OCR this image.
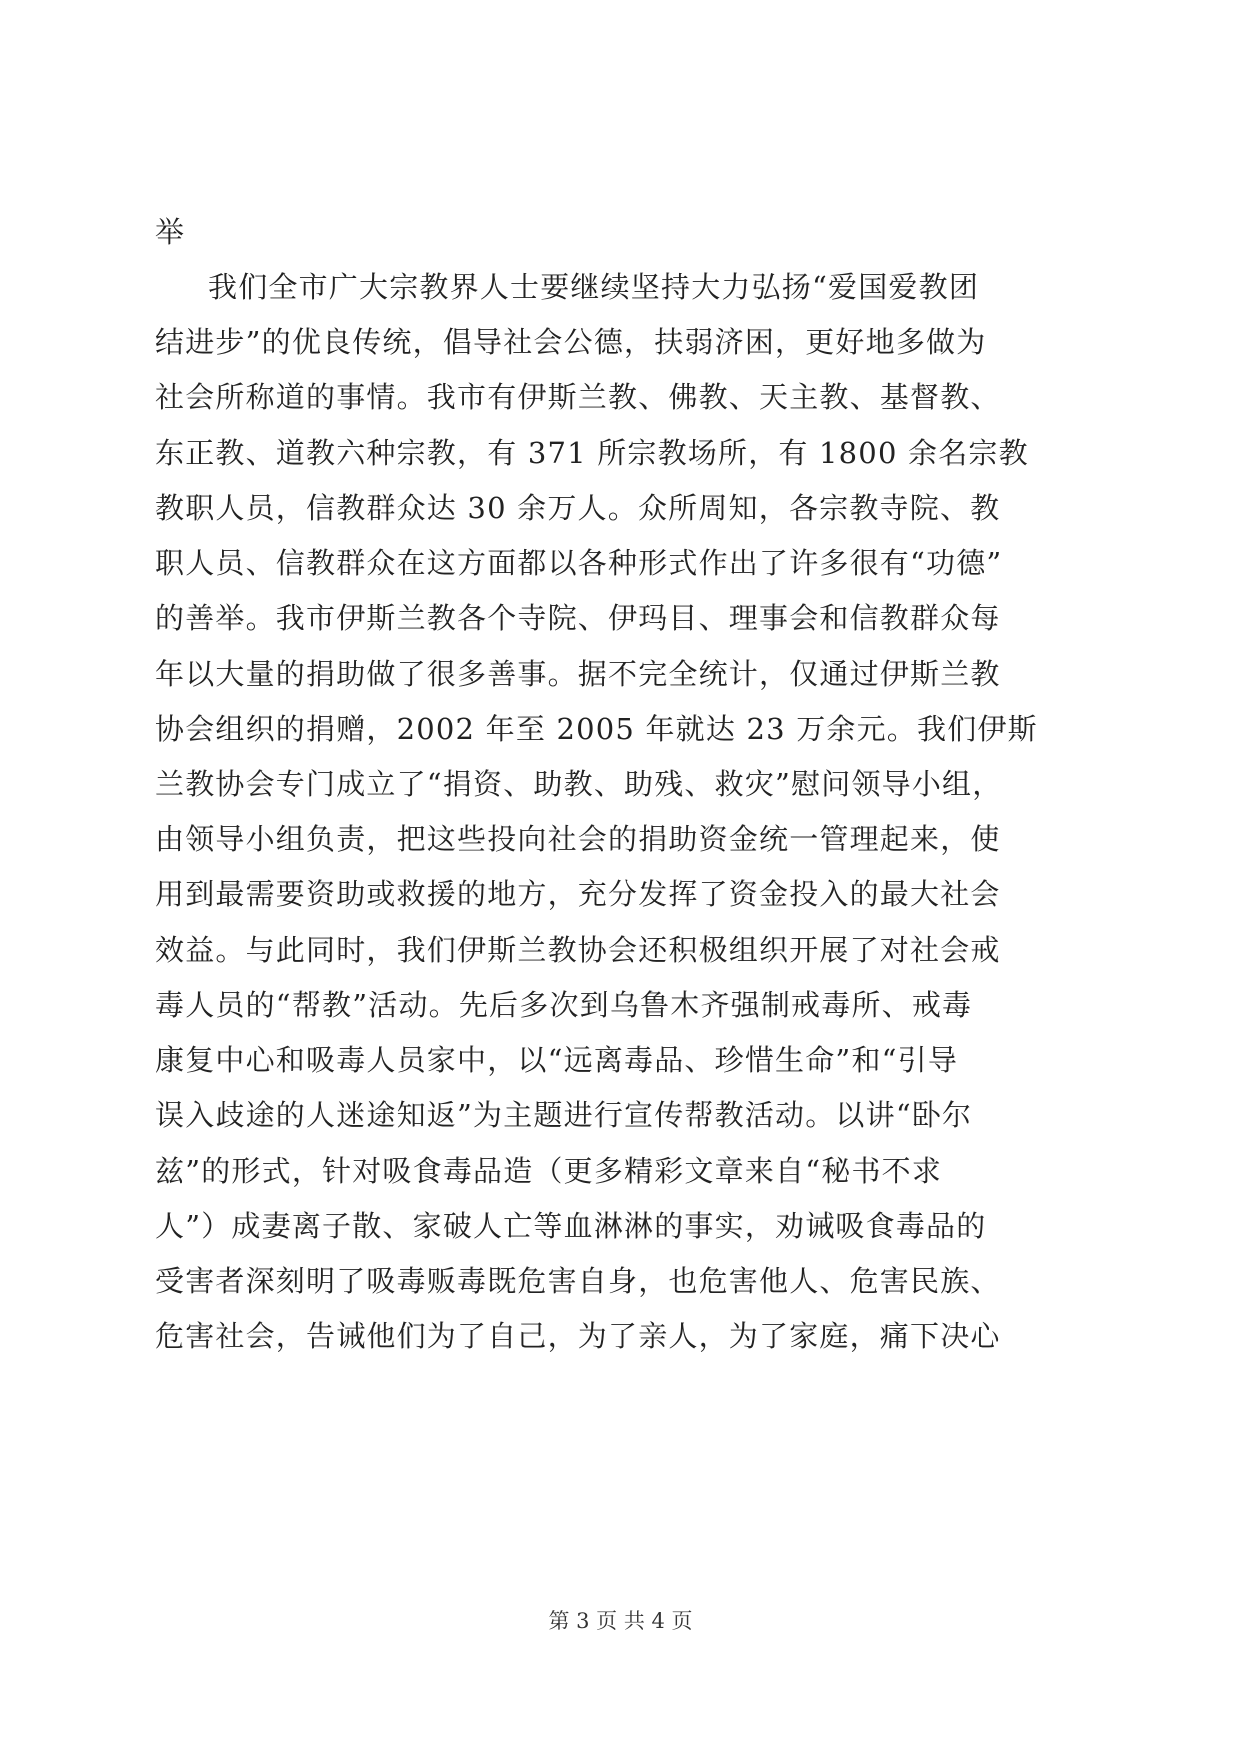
举
我们全市广大宗教界人士要继续坚持大力弘扬“爱国爱教团
结进步”的优良传统，倡导社会公德，扶弱济困，更好地多做为
社会所称道的事情。我市有伊斯兰教、佛教、天主教、基督教、
东正教、道教六种宗教，有 371 所宗教场所，有 1800 余名宗教
教职人员，信教群众达 30 余万人。众所周知，各宗教寺院、教
职人员、信教群众在这方面都以各种形式作出了许多很有“功德”
的善举。我市伊斯兰教各个寺院、伊玛目、理事会和信教群众每
年以大量的捐助做了很多善事。据不完全统计，仅通过伊斯兰教
协会组织的捐赠，2002 年至 2005 年就达 23 万余元。我们伊斯
兰教协会专门成立了“捐资、助教、助残、救灾”慰问领导小组，
由领导小组负责，把这些投向社会的捐助资金统一管理起来，使
用到最需要资助或救援的地方，充分发挥了资金投入的最大社会
效益。与此同时，我们伊斯兰教协会还积极组织开展了对社会戒
毒人员的“帮教”活动。先后多次到乌鲁木齐强制戒毒所、戒毒
康复中心和吸毒人员家中，以“远离毒品、珍惜生命”和“引导
误入歧途的人迷途知返”为主题进行宣传帮教活动。以讲“卧尔
兹”的形式，针对吸食毒品造（更多精彩文章来自“秘书不求
人”）成妻离子散、家破人亡等血淋淋的事实，劝诫吸食毒品的
受害者深刻明了吸毒贩毒既危害自身，也危害他人、危害民族、
危害社会，告诫他们为了自己，为了亲人，为了家庭，痛下决心
第 3 页 共 4 页
